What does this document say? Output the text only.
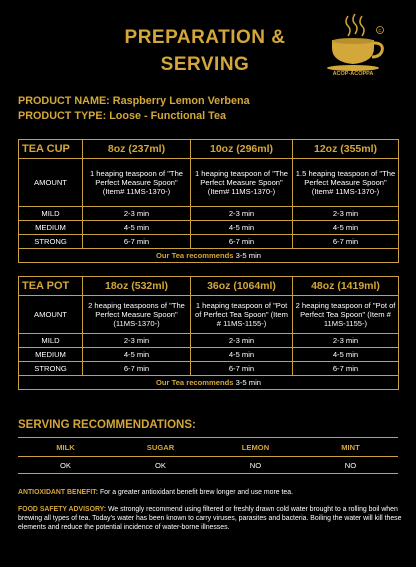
PREPARATION &
SERVING
C
ACOP-ACOPPA
PRODUCT NAME: Raspberry Lemon Verbena
PRODUCT TYPE: Loose - Functional Tea
TEA CUP	8oz (237ml)	10oz (296ml)	12oz (355ml)
AMOUNT	1 heaping teaspoon of "The Perfect Measure Spoon" (Item# 11MS-1370-)	1 heaping teaspoon of "The Perfect Measure Spoon" (Item# 11MS-1370-)	1.5 heaping teaspoon of "The Perfect Measure Spoon" (Item# 11MS-1370-)
MILD	2-3 min	2-3 min	2-3 min
MEDIUM	4-5 min	4-5 min	4-5 min
STRONG	6-7 min	6-7 min	6-7 min
Our Tea recommends 3-5 min			
TEA POT	18oz (532ml)	36oz (1064ml)	48oz (1419ml)
AMOUNT	2 heaping teaspoons of "The Perfect Measure Spoon" (11MS-1370-)	1 heaping teaspoon of "Pot of Perfect Tea Spoon" (Item # 11MS-1155-)	2 heaping teaspoon of "Pot of Perfect Tea Spoon" (Item # 11MS-1155-)
MILD	2-3 min	2-3 min	2-3 min
MEDIUM	4-5 min	4-5 min	4-5 min
STRONG	6-7 min	6-7 min	6-7 min
Our Tea recommends 3-5 min			
SERVING RECOMMENDATIONS:
MILK	SUGAR	LEMON	MINT
OK	OK	NO	NO
ANTIOXIDANT BENEFIT: For a greater antioxidant benefit brew longer and use more tea.
FOOD SAFETY ADVISORY: We strongly recommend using filtered or freshly drawn cold water brought to a rolling boil when brewing all types of tea. Today's water has been known to carry viruses, parasites and bacteria. Boiling the water will kill these elements and reduce the potential incidence of water-borne illnesses.
